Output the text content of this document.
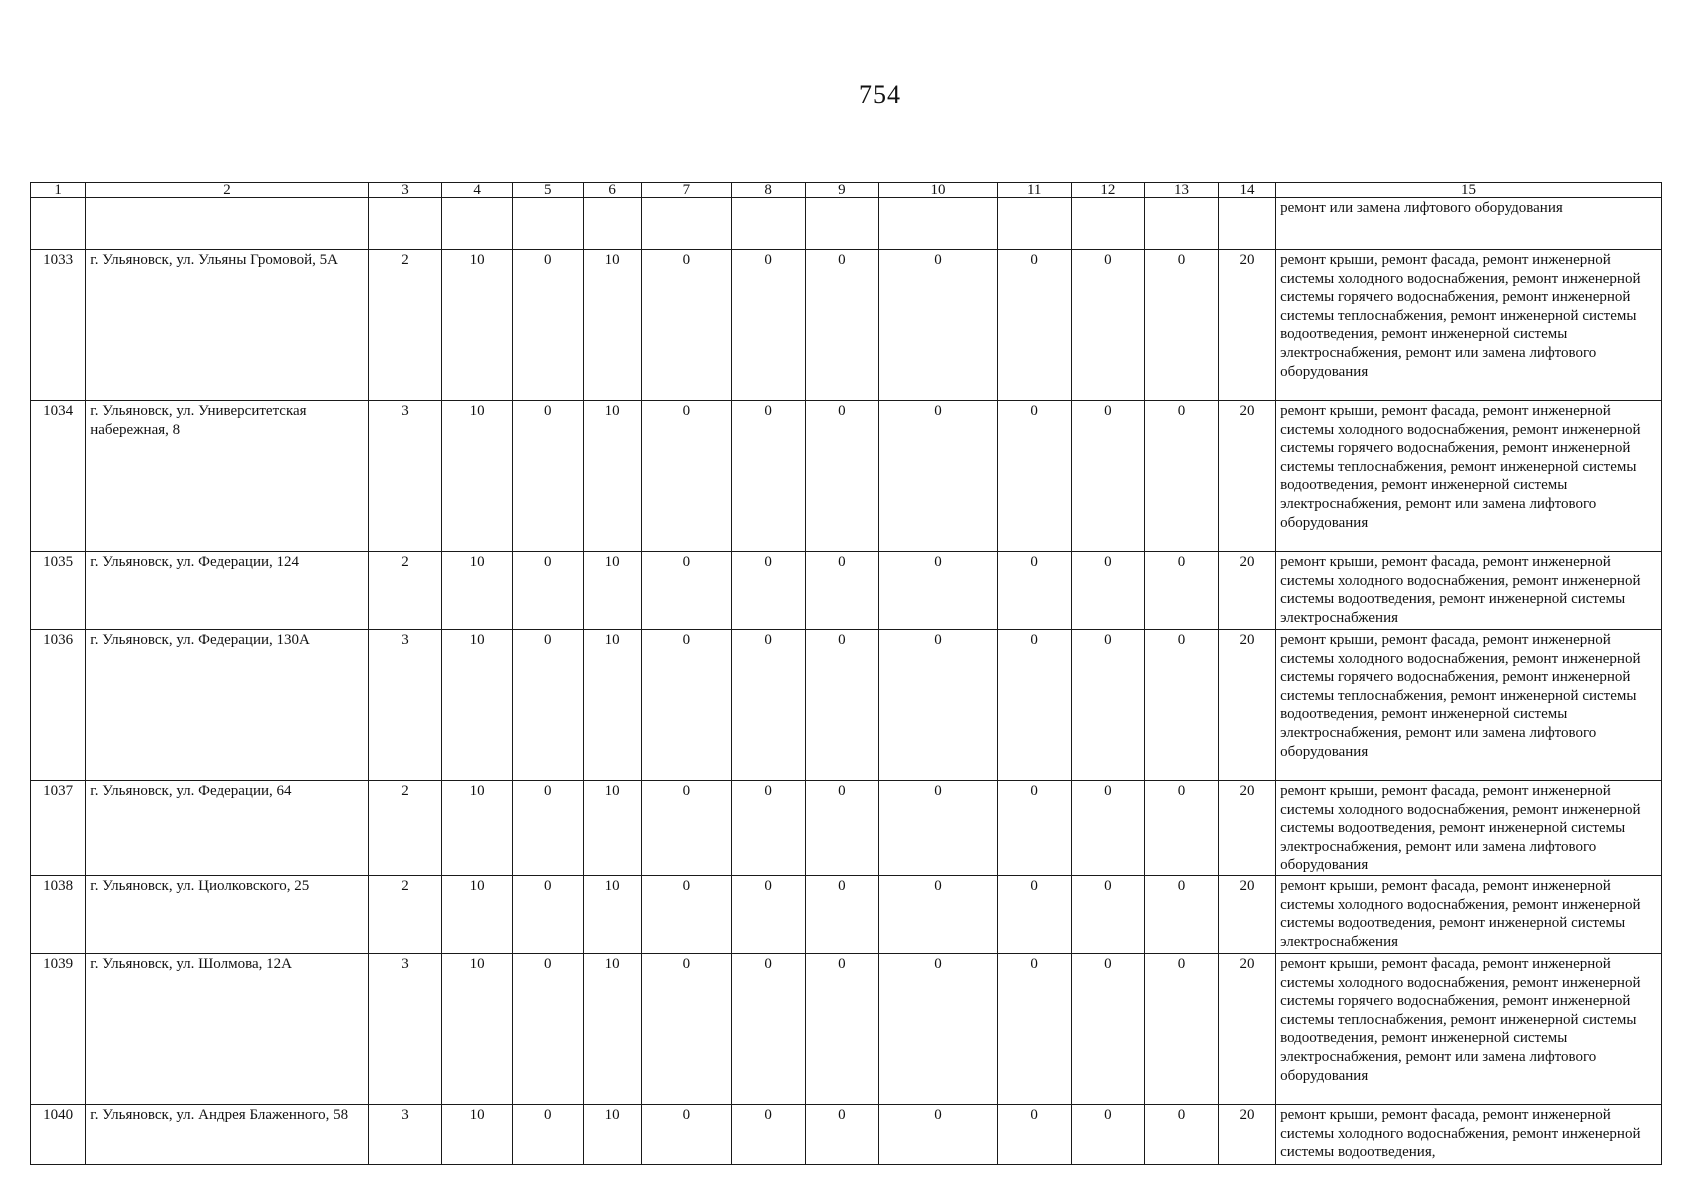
754
1	2	3	4	5	6	7	8	9	10	11	12	13	14	15
														ремонт или замена лифтового оборудования
1033	г. Ульяновск, ул. Ульяны Громовой, 5А	2	10	0	10	0	0	0	0	0	0	0	20	ремонт крыши, ремонт фасада, ремонт инженерной системы холодного водоснабжения, ремонт инженерной системы горячего водоснабжения, ремонт инженерной системы теплоснабжения, ремонт инженерной системы водоотведения, ремонт инженерной системы электроснабжения, ремонт или замена лифтового оборудования
1034	г. Ульяновск, ул. Университетская набережная, 8	3	10	0	10	0	0	0	0	0	0	0	20	ремонт крыши, ремонт фасада, ремонт инженерной системы холодного водоснабжения, ремонт инженерной системы горячего водоснабжения, ремонт инженерной системы теплоснабжения, ремонт инженерной системы водоотведения, ремонт инженерной системы электроснабжения, ремонт или замена лифтового оборудования
1035	г. Ульяновск, ул. Федерации, 124	2	10	0	10	0	0	0	0	0	0	0	20	ремонт крыши, ремонт фасада, ремонт инженерной системы холодного водоснабжения, ремонт инженерной системы водоотведения, ремонт инженерной системы электроснабжения
1036	г. Ульяновск, ул. Федерации, 130А	3	10	0	10	0	0	0	0	0	0	0	20	ремонт крыши, ремонт фасада, ремонт инженерной системы холодного водоснабжения, ремонт инженерной системы горячего водоснабжения, ремонт инженерной системы теплоснабжения, ремонт инженерной системы водоотведения, ремонт инженерной системы электроснабжения, ремонт или замена лифтового оборудования
1037	г. Ульяновск, ул. Федерации, 64	2	10	0	10	0	0	0	0	0	0	0	20	ремонт крыши, ремонт фасада, ремонт инженерной системы холодного водоснабжения, ремонт инженерной системы водоотведения, ремонт инженерной системы электроснабжения, ремонт или замена лифтового оборудования
1038	г. Ульяновск, ул. Циолковского, 25	2	10	0	10	0	0	0	0	0	0	0	20	ремонт крыши, ремонт фасада, ремонт инженерной системы холодного водоснабжения, ремонт инженерной системы водоотведения, ремонт инженерной системы электроснабжения
1039	г. Ульяновск, ул. Шолмова, 12А	3	10	0	10	0	0	0	0	0	0	0	20	ремонт крыши, ремонт фасада, ремонт инженерной системы холодного водоснабжения, ремонт инженерной системы горячего водоснабжения, ремонт инженерной системы теплоснабжения, ремонт инженерной системы водоотведения, ремонт инженерной системы электроснабжения, ремонт или замена лифтового оборудования
1040	г. Ульяновск, ул. Андрея Блаженного, 58	3	10	0	10	0	0	0	0	0	0	0	20	ремонт крыши, ремонт фасада, ремонт инженерной системы холодного водоснабжения, ремонт инженерной системы водоотведения,
